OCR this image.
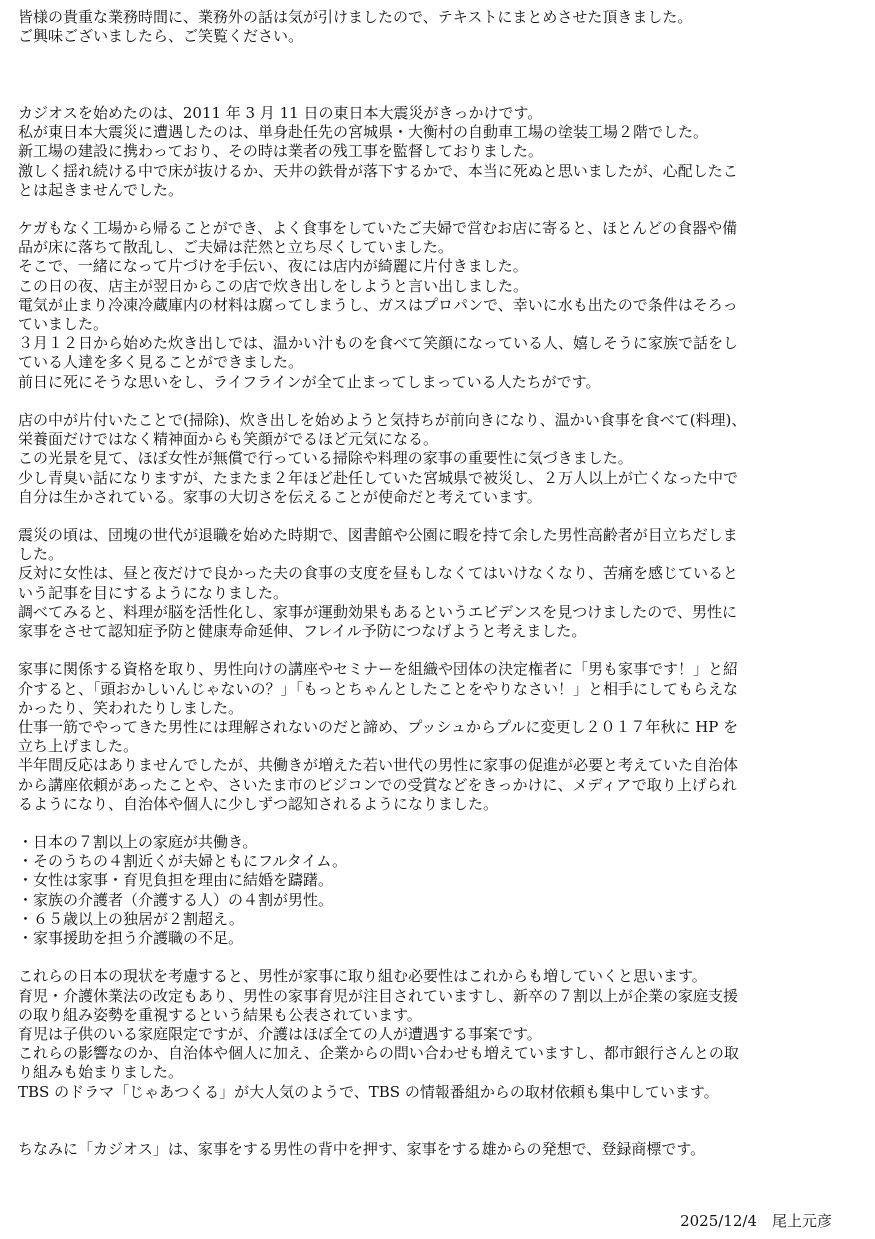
皆様の貴重な業務時間に、業務外の話は気が引けましたので、テキストにまとめさせた頂きました。
ご興味ございましたら、ご笑覧ください。
カジオスを始めたのは、2011 年 3 月 11 日の東日本大震災がきっかけです。
私が東日本大震災に遭遇したのは、単身赴任先の宮城県・大衡村の自動車工場の塗装工場２階でした。
新工場の建設に携わっており、その時は業者の残工事を監督しておりました。
激しく揺れ続ける中で床が抜けるか、天井の鉄骨が落下するかで、本当に死ぬと思いましたが、心配したこ
とは起きませんでした。
ケガもなく工場から帰ることができ、よく食事をしていたご夫婦で営むお店に寄ると、ほとんどの食器や備
品が床に落ちて散乱し、ご夫婦は茫然と立ち尽くしていました。
そこで、一緒になって片づけを手伝い、夜には店内が綺麗に片付きました。
この日の夜、店主が翌日からこの店で炊き出しをしようと言い出しました。
電気が止まり冷凍冷蔵庫内の材料は腐ってしまうし、ガスはプロパンで、幸いに水も出たので条件はそろっ
ていました。
３月１２日から始めた炊き出しでは、温かい汁ものを食べて笑顔になっている人、嬉しそうに家族で話をし
ている人達を多く見ることができました。
前日に死にそうな思いをし、ライフラインが全て止まってしまっている人たちがです。
店の中が片付いたことで(掃除)、炊き出しを始めようと気持ちが前向きになり、温かい食事を食べて(料理)、
栄養面だけではなく精神面からも笑顔がでるほど元気になる。
この光景を見て、ほぼ女性が無償で行っている掃除や料理の家事の重要性に気づきました。
少し青臭い話になりますが、たまたま２年ほど赴任していた宮城県で被災し、２万人以上が亡くなった中で
自分は生かされている。家事の大切さを伝えることが使命だと考えています。
震災の頃は、団塊の世代が退職を始めた時期で、図書館や公園に暇を持て余した男性高齢者が目立ちだしま
した。
反対に女性は、昼と夜だけで良かった夫の食事の支度を昼もしなくてはいけなくなり、苦痛を感じていると
いう記事を目にするようになりました。
調べてみると、料理が脳を活性化し、家事が運動効果もあるというエビデンスを見つけましたので、男性に
家事をさせて認知症予防と健康寿命延伸、フレイル予防につなげようと考えました。
家事に関係する資格を取り、男性向けの講座やセミナーを組織や団体の決定権者に「男も家事です！」と紹
介すると、「頭おかしいんじゃないの？」「もっとちゃんとしたことをやりなさい！」と相手にしてもらえな
かったり、笑われたりしました。
仕事一筋でやってきた男性には理解されないのだと諦め、プッシュからプルに変更し２０１７年秋に HP を
立ち上げました。
半年間反応はありませんでしたが、共働きが増えた若い世代の男性に家事の促進が必要と考えていた自治体
から講座依頼があったことや、さいたま市のビジコンでの受賞などをきっかけに、メディアで取り上げられ
るようになり、自治体や個人に少しずつ認知されるようになりました。
・日本の７割以上の家庭が共働き。
・そのうちの４割近くが夫婦ともにフルタイム。
・女性は家事・育児負担を理由に結婚を躊躇。
・家族の介護者（介護する人）の４割が男性。
・６５歳以上の独居が２割超え。
・家事援助を担う介護職の不足。
これらの日本の現状を考慮すると、男性が家事に取り組む必要性はこれからも増していくと思います。
育児・介護休業法の改定もあり、男性の家事育児が注目されていますし、新卒の７割以上が企業の家庭支援
の取り組み姿勢を重視するという結果も公表されています。
育児は子供のいる家庭限定ですが、介護はほぼ全ての人が遭遇する事案です。
これらの影響なのか、自治体や個人に加え、企業からの問い合わせも増えていますし、都市銀行さんとの取
り組みも始まりました。
TBS のドラマ「じゃあつくる」が大人気のようで、TBS の情報番組からの取材依頼も集中しています。
ちなみに「カジオス」は、家事をする男性の背中を押す、家事をする雄からの発想で、登録商標です。
2025/12/4　尾上元彦
